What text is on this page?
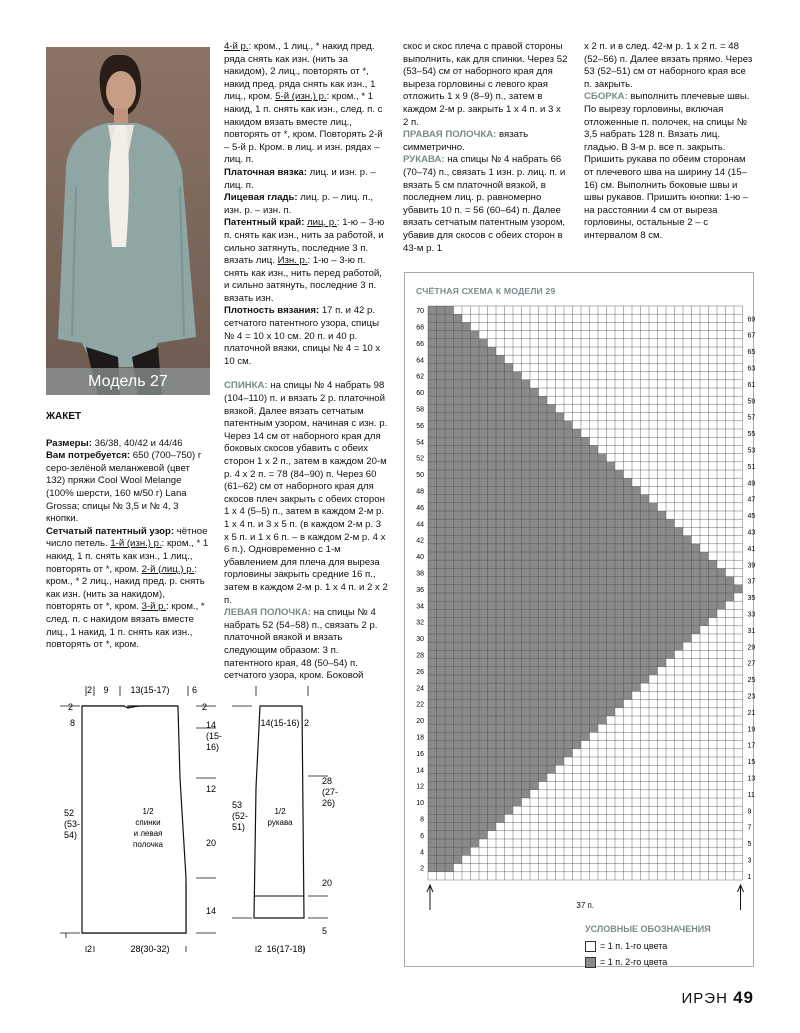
Модель 27

ЖАКЕТ

Размеры: 36/38, 40/42 и 44/46

Вам потребуется: 650 (700–750) г серо-зелёной меланжевой (цвет 132) пряжи Cool Wool Melange (100% шерсти, 160 м/50 г) Lana Grossa; спицы № 3,5 и № 4, 3 кнопки.

Сетчатый патентный узор: чётное число петель. 1-й (изн.) р.: кром., * 1 накид, 1 п. снять как изн., 1 лиц., повторять от *, кром. 2-й (лиц.) р.: кром., * 2 лиц., накид пред. р. снять как изн. (нить за накидом), повторять от *, кром. 3-й р.: кром., * след. п. с накидом вязать вместе лиц., 1 накид, 1 п. снять как изн., повторять от *, кром.

4-й р.: кром., 1 лиц., * накид пред. ряда снять как изн. (нить за накидом), 2 лиц., повторять от *, накид пред. ряда снять как изн., 1 лиц., кром. 5-й (изн.) р.: кром., * 1 накид, 1 п. снять как изн., след. п. с накидом вязать вместе лиц., повторять от *, кром. Повторять 2-й – 5-й р. Кром. в лиц. и изн. рядах – лиц. п.

Платочная вязка: лиц. и изн. р. – лиц. п.

Лицевая гладь: лиц. р. – лиц. п., изн. р. – изн. п.

Патентный край: лиц. р.: 1-ю – 3-ю п. снять как изн., нить за работой, и сильно затянуть, последние 3 п. вязать лиц. Изн. р.: 1-ю – 3-ю п. снять как изн., нить перед работой, и сильно затянуть, последние 3 п. вязать изн.

Плотность вязания: 17 п. и 42 р. сетчатого патентного узора, спицы № 4 = 10 x 10 см. 20 п. и 40 р. платочной вязки, спицы № 4 = 10 x 10 см.

СПИНКА: на спицы № 4 набрать 98 (104–110) п. и вязать 2 р. платочной вязкой. Далее вязать сетчатым патентным узором, начиная с изн. р. Через 14 см от наборного края для боковых скосов убавить с обеих сторон 1 х 2 п., затем в каждом 20-м р. 4 х 2 п. = 78 (84–90) п. Через 60 (61–62) см от наборного края для скосов плеч закрыть с обеих сторон 1 х 4 (5–5) п., затем в каждом 2-м р. 1 х 4 п. и 3 х 5 п. (в каждом 2-м р. 3 х 5 п. и 1 х 6 п. – в каждом 2-м р. 4 х 6 п.). Одновременно с 1-м убавлением для плеча для выреза горловины закрыть средние 16 п., затем в каждом 2-м р. 1 х 4 п. и 2 х 2 п.

ЛЕВАЯ ПОЛОЧКА: на спицы № 4 набрать 52 (54–58) п., связать 2 р. платочной вязкой и вязать следующим образом: 3 п. патентного края, 48 (50–54) п. сетчатого узора, кром. Боковой

скос и скос плеча с правой стороны выполнить, как для спинки. Через 52 (53–54) см от наборного края для выреза горловины с левого края отложить 1 х 9 (8–9) п., затем в каждом 2-м р. закрыть 1 х 4 п. и 3 х 2 п.

ПРАВАЯ ПОЛОЧКА: вязать симметрично.

РУКАВА: на спицы № 4 набрать 66 (70–74) п., связать 1 изн. р. лиц. п. и вязать 5 см платочной вязкой, в последнем лиц. р. равномерно убавить 10 п. = 56 (60–64) п. Далее вязать сетчатым патентным узором, убавив для скосов с обеих сторон в 43-м р. 1

х 2 п. и в след. 42-м р. 1 х 2 п. = 48 (52–56) п. Далее вязать прямо. Через 53 (52–51) см от наборного края все п. закрыть.

СБОРКА: выполнить плечевые швы. По вырезу горловины, включая отложенные п. полочек, на спицы № 3,5 набрать 128 п. Вязать лиц. гладью. В 3-м р. все п. закрыть. Пришить рукава по обеим сторонам от плечевого шва на ширину 14 (15–16) см. Выполнить боковые швы и швы рукавов. Пришить кнопки: 1-ю – на расстоянии 4 см от выреза горловины, остальные 2 – с интервалом 8 см.

СЧЁТНАЯ СХЕМА К МОДЕЛИ 29
1
2
3
4
5
6
7
8
9
10
11
12
13
14
15
16
17
18
19
20
21
22
23
24
25
26
27
28
29
30
31
32
33
34
35
36
37
38
39
40
41
42
43
44
45
46
47
48
49
50
51
52
53
54
55
56
57
58
59
60
61
62
63
64
65
66
67
68
69
70
37 п.
УСЛОВНЫЕ ОБОЗНАЧЕНИЯ
= 1 п. 1-го цвета
= 1 п. 2-го цвета
2 9 13(15-17) 6
2
8
52
(53-
54)
2
14
(15-
16)
12
20
14
2	28(30-32)
1/2
спинки
и левая
полочка
14(15-16) 2
53
(52-
51)
28
(27-
26)
20
5
2 16(17-18)
1/2
рукава
ИРЭН 49
